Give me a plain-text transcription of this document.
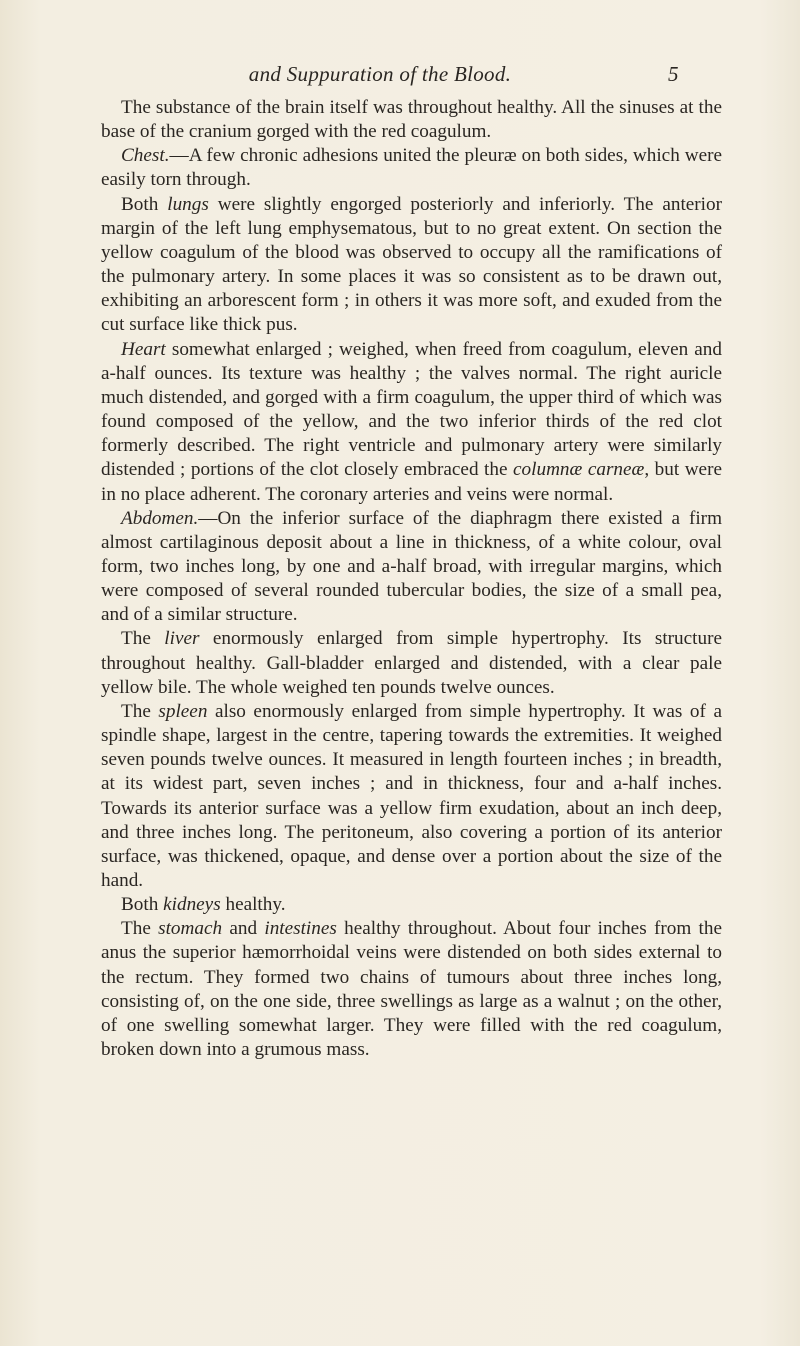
and Suppuration of the Blood.	5

The substance of the brain itself was throughout healthy. All the sinuses at the base of the cranium gorged with the red coagulum.

Chest.—A few chronic adhesions united the pleuræ on both sides, which were easily torn through.

Both lungs were slightly engorged posteriorly and inferiorly. The anterior margin of the left lung emphysematous, but to no great extent. On section the yellow coagulum of the blood was observed to occupy all the ramifications of the pulmonary artery. In some places it was so consistent as to be drawn out, exhibiting an arborescent form ; in others it was more soft, and exuded from the cut surface like thick pus.

Heart somewhat enlarged ; weighed, when freed from coagulum, eleven and a-half ounces. Its texture was healthy ; the valves normal. The right auricle much distended, and gorged with a firm coagulum, the upper third of which was found composed of the yellow, and the two inferior thirds of the red clot formerly described. The right ventricle and pulmonary artery were similarly distended ; portions of the clot closely embraced the columnæ carneæ, but were in no place adherent. The coronary arteries and veins were normal.

Abdomen.—On the inferior surface of the diaphragm there existed a firm almost cartilaginous deposit about a line in thickness, of a white colour, oval form, two inches long, by one and a-half broad, with irregular margins, which were composed of several rounded tubercular bodies, the size of a small pea, and of a similar structure.

The liver enormously enlarged from simple hypertrophy. Its structure throughout healthy. Gall-bladder enlarged and distended, with a clear pale yellow bile. The whole weighed ten pounds twelve ounces.

The spleen also enormously enlarged from simple hypertrophy. It was of a spindle shape, largest in the centre, tapering towards the extremities. It weighed seven pounds twelve ounces. It measured in length fourteen inches ; in breadth, at its widest part, seven inches ; and in thickness, four and a-half inches. Towards its anterior surface was a yellow firm exudation, about an inch deep, and three inches long. The peritoneum, also covering a portion of its anterior surface, was thickened, opaque, and dense over a portion about the size of the hand.

Both kidneys healthy.

The stomach and intestines healthy throughout. About four inches from the anus the superior hæmorrhoidal veins were distended on both sides external to the rectum. They formed two chains of tumours about three inches long, consisting of, on the one side, three swellings as large as a walnut ; on the other, of one swelling somewhat larger. They were filled with the red coagulum, broken down into a grumous mass.
